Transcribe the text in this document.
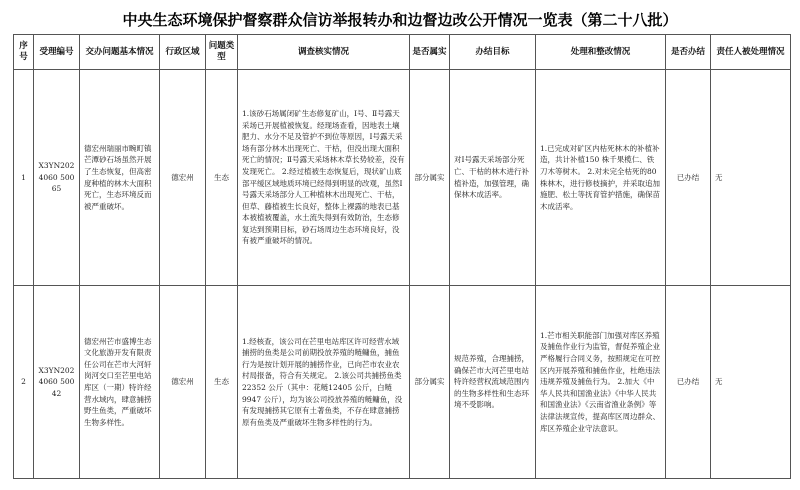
中央生态环境保护督察群众信访举报转办和边督边改公开情况一览表（第二十八批）
序号	受理编号	交办问题基本情况	行政区域	问题类型	调查核实情况	是否属实	办结目标	处理和整改情况	是否办结	责任人被处理情况
1	X3YN2024060 50065	德宏州瑞丽市畹町镇芒潭砂石场虽然开展了生态恢复，但高密度种植的林木大面积死亡，生态环境反而被严重破坏。	德宏州	生态	1.该砂石场属闭矿生态修复矿山，Ⅰ号、Ⅱ号露天采场已开展植被恢复。经现场查看，因地表土壤肥力、水分不足及管护不到位等原因，Ⅰ号露天采场有部分林木出现死亡、干枯，但没出现大面积死亡的情况；Ⅱ号露天采场林木草长势较差，没有发现死亡。 2.经过植被生态恢复后，现状矿山底部平缓区域地质环境已经得到明显的改观，虽然Ⅰ号露天采场部分人工种植林木出现死亡、干枯，但草、藤植被生长良好，整体上裸露的地表已基本被植被覆盖，水土流失得到有效防治，生态修复达到预期目标，砂石场周边生态环境良好，没有被严重破坏的情况。	部分属实	对Ⅰ号露天采场部分死亡、干枯的林木进行补植补造，加强管理，确保林木成活率。	1.已完成对矿区内枯死林木的补植补造，共计补植150 株千果榄仁、铁刀木等树木。 2.对未完全枯死的80 株林木，进行修枝摘护，并采取追加施肥、松土等抚育管护措施，确保苗木成活率。	已办结	无
2	X3YN2024060 50042	德宏州芒市盛博生态文化旅游开发有限责任公司在芒市大河轩岗河交口至芒里电站库区（一期）特许经营水域内，肆意捕捞野生鱼类，严重破坏生物多样性。	德宏州	生态	1.经核查，该公司在芒里电站库区许可经营水域捕捞的鱼类是公司前期投放养殖的鲢鳙鱼，捕鱼行为是按计划开展的捕捞作业，已向芒市农业农村局报备，符合有关规定。 2.该公司共捕捞鱼类22352 公斤（其中：花鲢12405 公斤，白鲢9947 公斤），均为该公司投放养殖的鲢鳙鱼，没有发现捕捞其它原有土著鱼类，不存在肆意捕捞原有鱼类及严重破坏生物多样性的行为。	部分属实	规范养殖，合理捕捞，确保芒市大河芒里电站特许经营权流域范围内的生物多样性和生态环境不受影响。	1.芒市相关职能部门加强对库区养殖及捕鱼作业行为监管，督促养殖企业严格履行合同义务，按照规定在可控区内开展养殖和捕鱼作业，杜绝违法违规养殖及捕鱼行为。 2.加大《中华人民共和国渔业法》《中华人民共和国渔业法》《云南省渔业条例》等法律法规宣传，提高库区周边群众、库区养殖企业守法意识。	已办结	无
